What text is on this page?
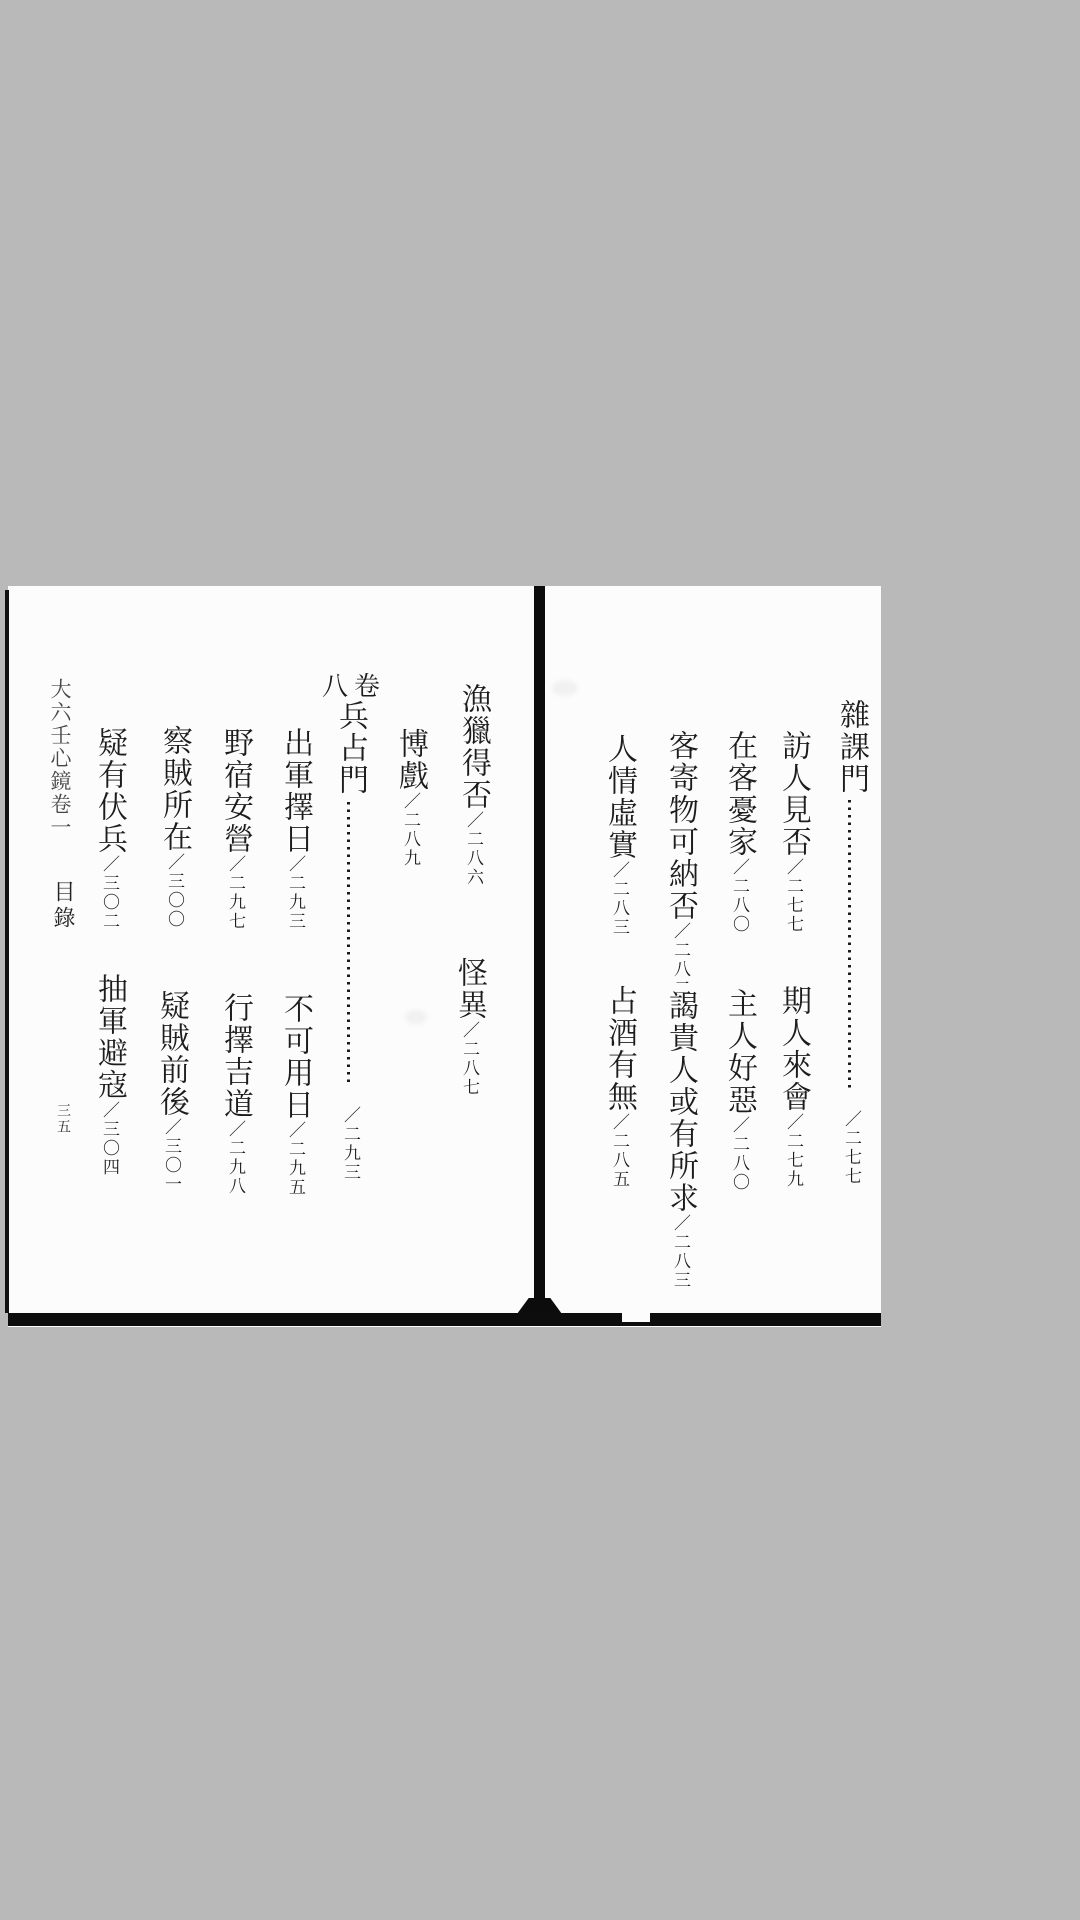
雜課門
／二七七
訪人見否／二七七
期人來會／二七九
在客憂家／二八〇
主人好惡／二八〇
客寄物可納否／二八二
謁貴人或有所求／二八三
人情虛實／二八三
占酒有無／二八五
漁獵得否／二八六
怪異／二八七
博戲／二八九
八卷
兵占門
／二九三
出軍擇日／二九三
不可用日／二九五
野宿安營／二九七
行擇吉道／二九八
察賊所在／三〇〇
疑賊前後／三〇一
疑有伏兵／三〇二
抽軍避寇／三〇四
大六壬心鏡卷一
目錄
三五
